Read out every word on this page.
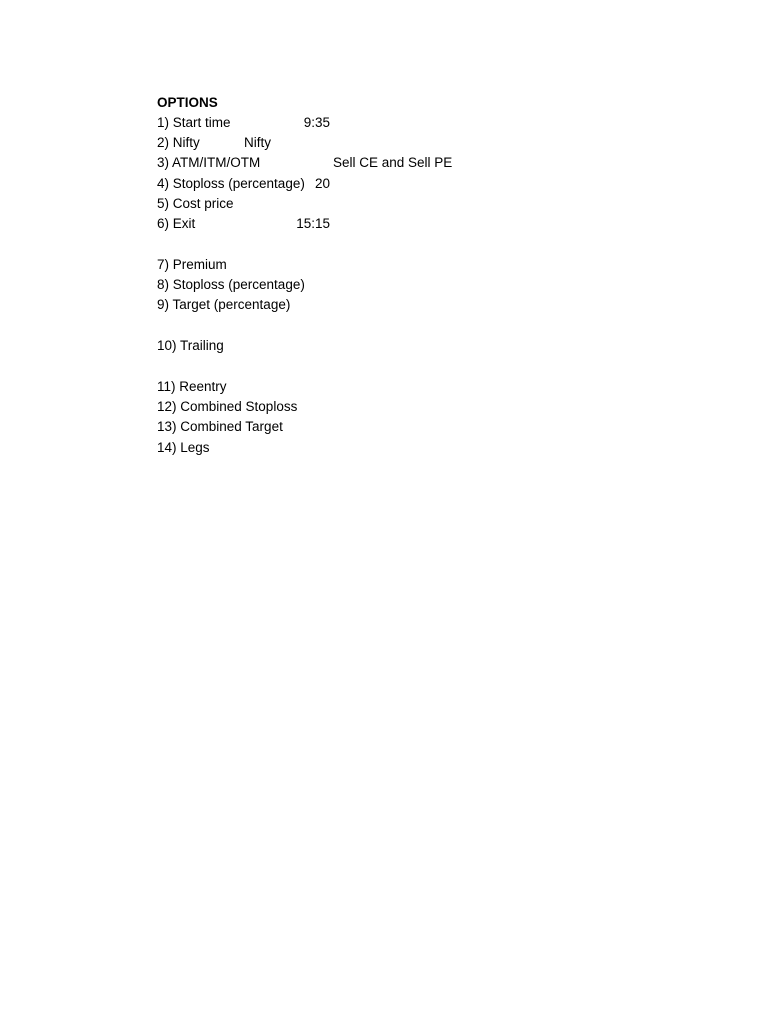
OPTIONS
1) Start time	9:35
2) Nifty	Nifty
3) ATM/ITM/OTM	Sell CE and Sell PE
4) Stoploss (percentage) 20
5) Cost price
6) Exit	15:15
7) Premium
8) Stoploss (percentage)
9) Target (percentage)
10) Trailing
11) Reentry
12) Combined Stoploss
13) Combined Target
14) Legs
